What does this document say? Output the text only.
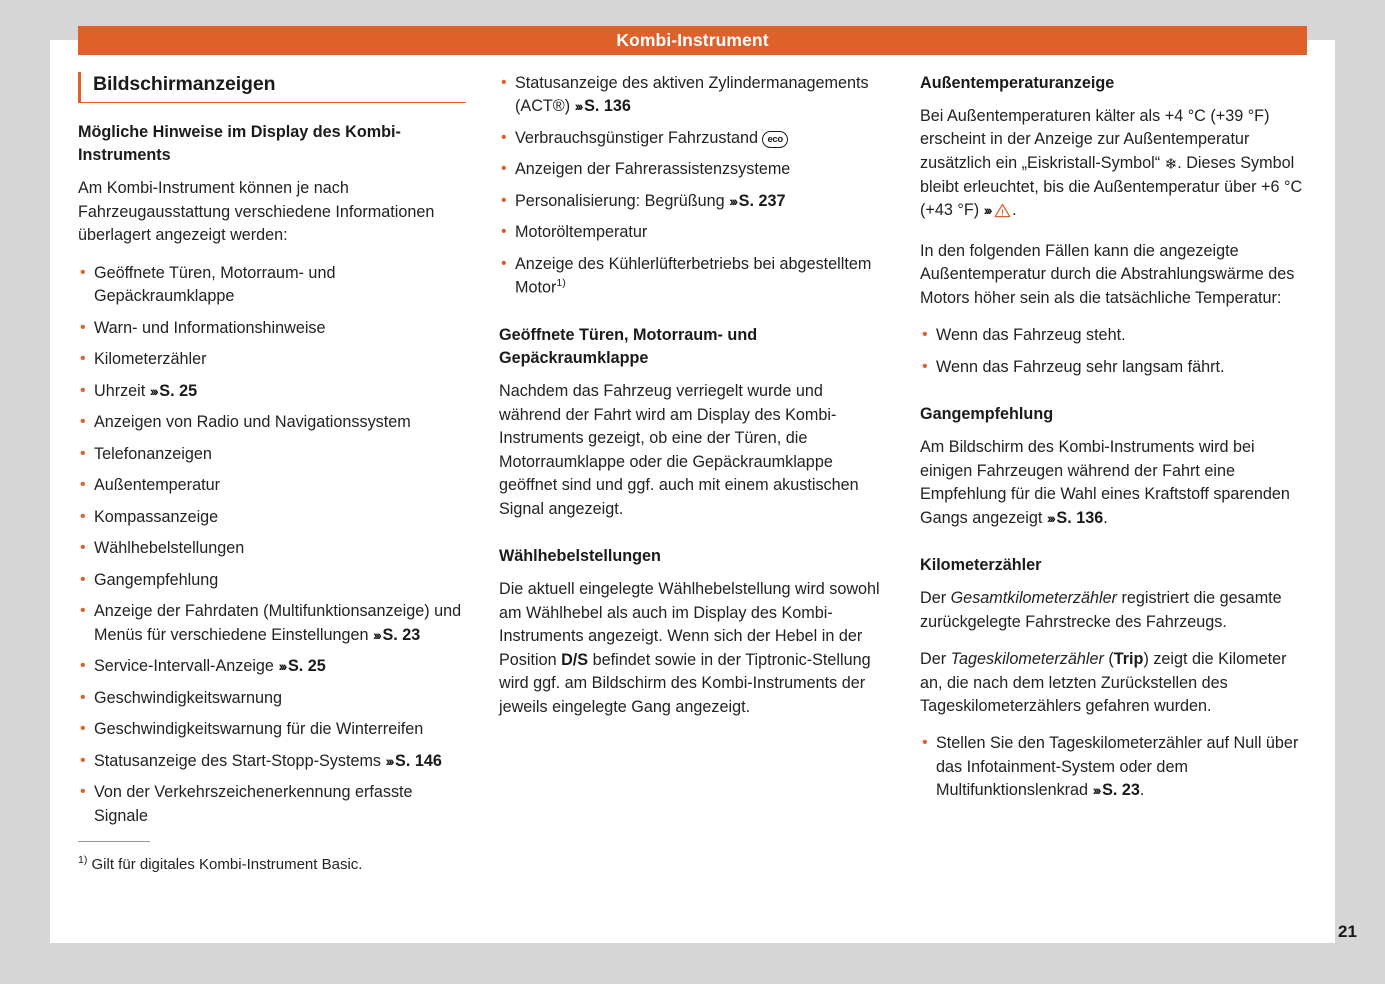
Kombi-Instrument
21
Bildschirmanzeigen
Mögliche Hinweise im Display des Kombi-Instruments

Am Kombi-Instrument können je nach Fahrzeugausstattung verschiedene Informationen überlagert angezeigt werden:

• Geöffnete Türen, Motorraum- und Gepäckraumklappe
• Warn- und Informationshinweise
• Kilometerzähler
• Uhrzeit ››› S. 25
• Anzeigen von Radio und Navigationssystem
• Telefonanzeigen
• Außentemperatur
• Kompassanzeige
• Wählhebelstellungen
• Gangempfehlung
• Anzeige der Fahrdaten (Multifunktionsanzeige) und Menüs für verschiedene Einstellungen ››› S. 23
• Service-Intervall-Anzeige ››› S. 25
• Geschwindigkeitswarnung
• Geschwindigkeitswarnung für die Winterreifen
• Statusanzeige des Start-Stopp-Systems ››› S. 146
• Von der Verkehrszeichenerkennung erfasste Signale

$^{1)}$ Gilt für digitales Kombi-Instrument Basic.

• Statusanzeige des aktiven Zylindermanagements (ACT®) ››› S. 136
• Verbrauchsgünstiger Fahrzustand eco
• Anzeigen der Fahrerassistenzsysteme
• Personalisierung: Begrüßung ››› S. 237
• Motoröltemperatur
• Anzeige des Kühlerlüfterbetriebs bei abgestelltem Motor$^{1)}$
Geöffnete Türen, Motorraum- und Gepäckraumklappe

Nachdem das Fahrzeug verriegelt wurde und während der Fahrt wird am Display des Kombi-Instruments gezeigt, ob eine der Türen, die Motorraumklappe oder die Gepäckraumklappe geöffnet sind und ggf. auch mit einem akustischen Signal angezeigt.

Wählhebelstellungen

Die aktuell eingelegte Wählhebelstellung wird sowohl am Wählhebel als auch im Display des Kombi-Instruments angezeigt. Wenn sich der Hebel in der Position D/S befindet sowie in der Tiptronic-Stellung wird ggf. am Bildschirm des Kombi-Instruments der jeweils eingelegte Gang angezeigt.

Außentemperaturanzeige

Bei Außentemperaturen kälter als +4 °C (+39 °F) erscheint in der Anzeige zur Außentemperatur zusätzlich ein „Eiskristall-Symbol“ ❄. Dieses Symbol bleibt erleuchtet, bis die Außentemperatur über +6 °C (+43 °F) ››› .

In den folgenden Fällen kann die angezeigte Außentemperatur durch die Abstrahlungswärme des Motors höher sein als die tatsächliche Temperatur:

• Wenn das Fahrzeug steht.
• Wenn das Fahrzeug sehr langsam fährt.
Gangempfehlung

Am Bildschirm des Kombi-Instruments wird bei einigen Fahrzeugen während der Fahrt eine Empfehlung für die Wahl eines Kraftstoff sparenden Gangs angezeigt ››› S. 136.

Kilometerzähler

Der Gesamtkilometerzähler registriert die gesamte zurückgelegte Fahrstrecke des Fahrzeugs.

Der Tageskilometerzähler (Trip) zeigt die Kilometer an, die nach dem letzten Zurückstellen des Tageskilometerzählers gefahren wurden.

• Stellen Sie den Tageskilometerzähler auf Null über das Infotainment-System oder dem Multifunktionslenkrad ››› S. 23.
